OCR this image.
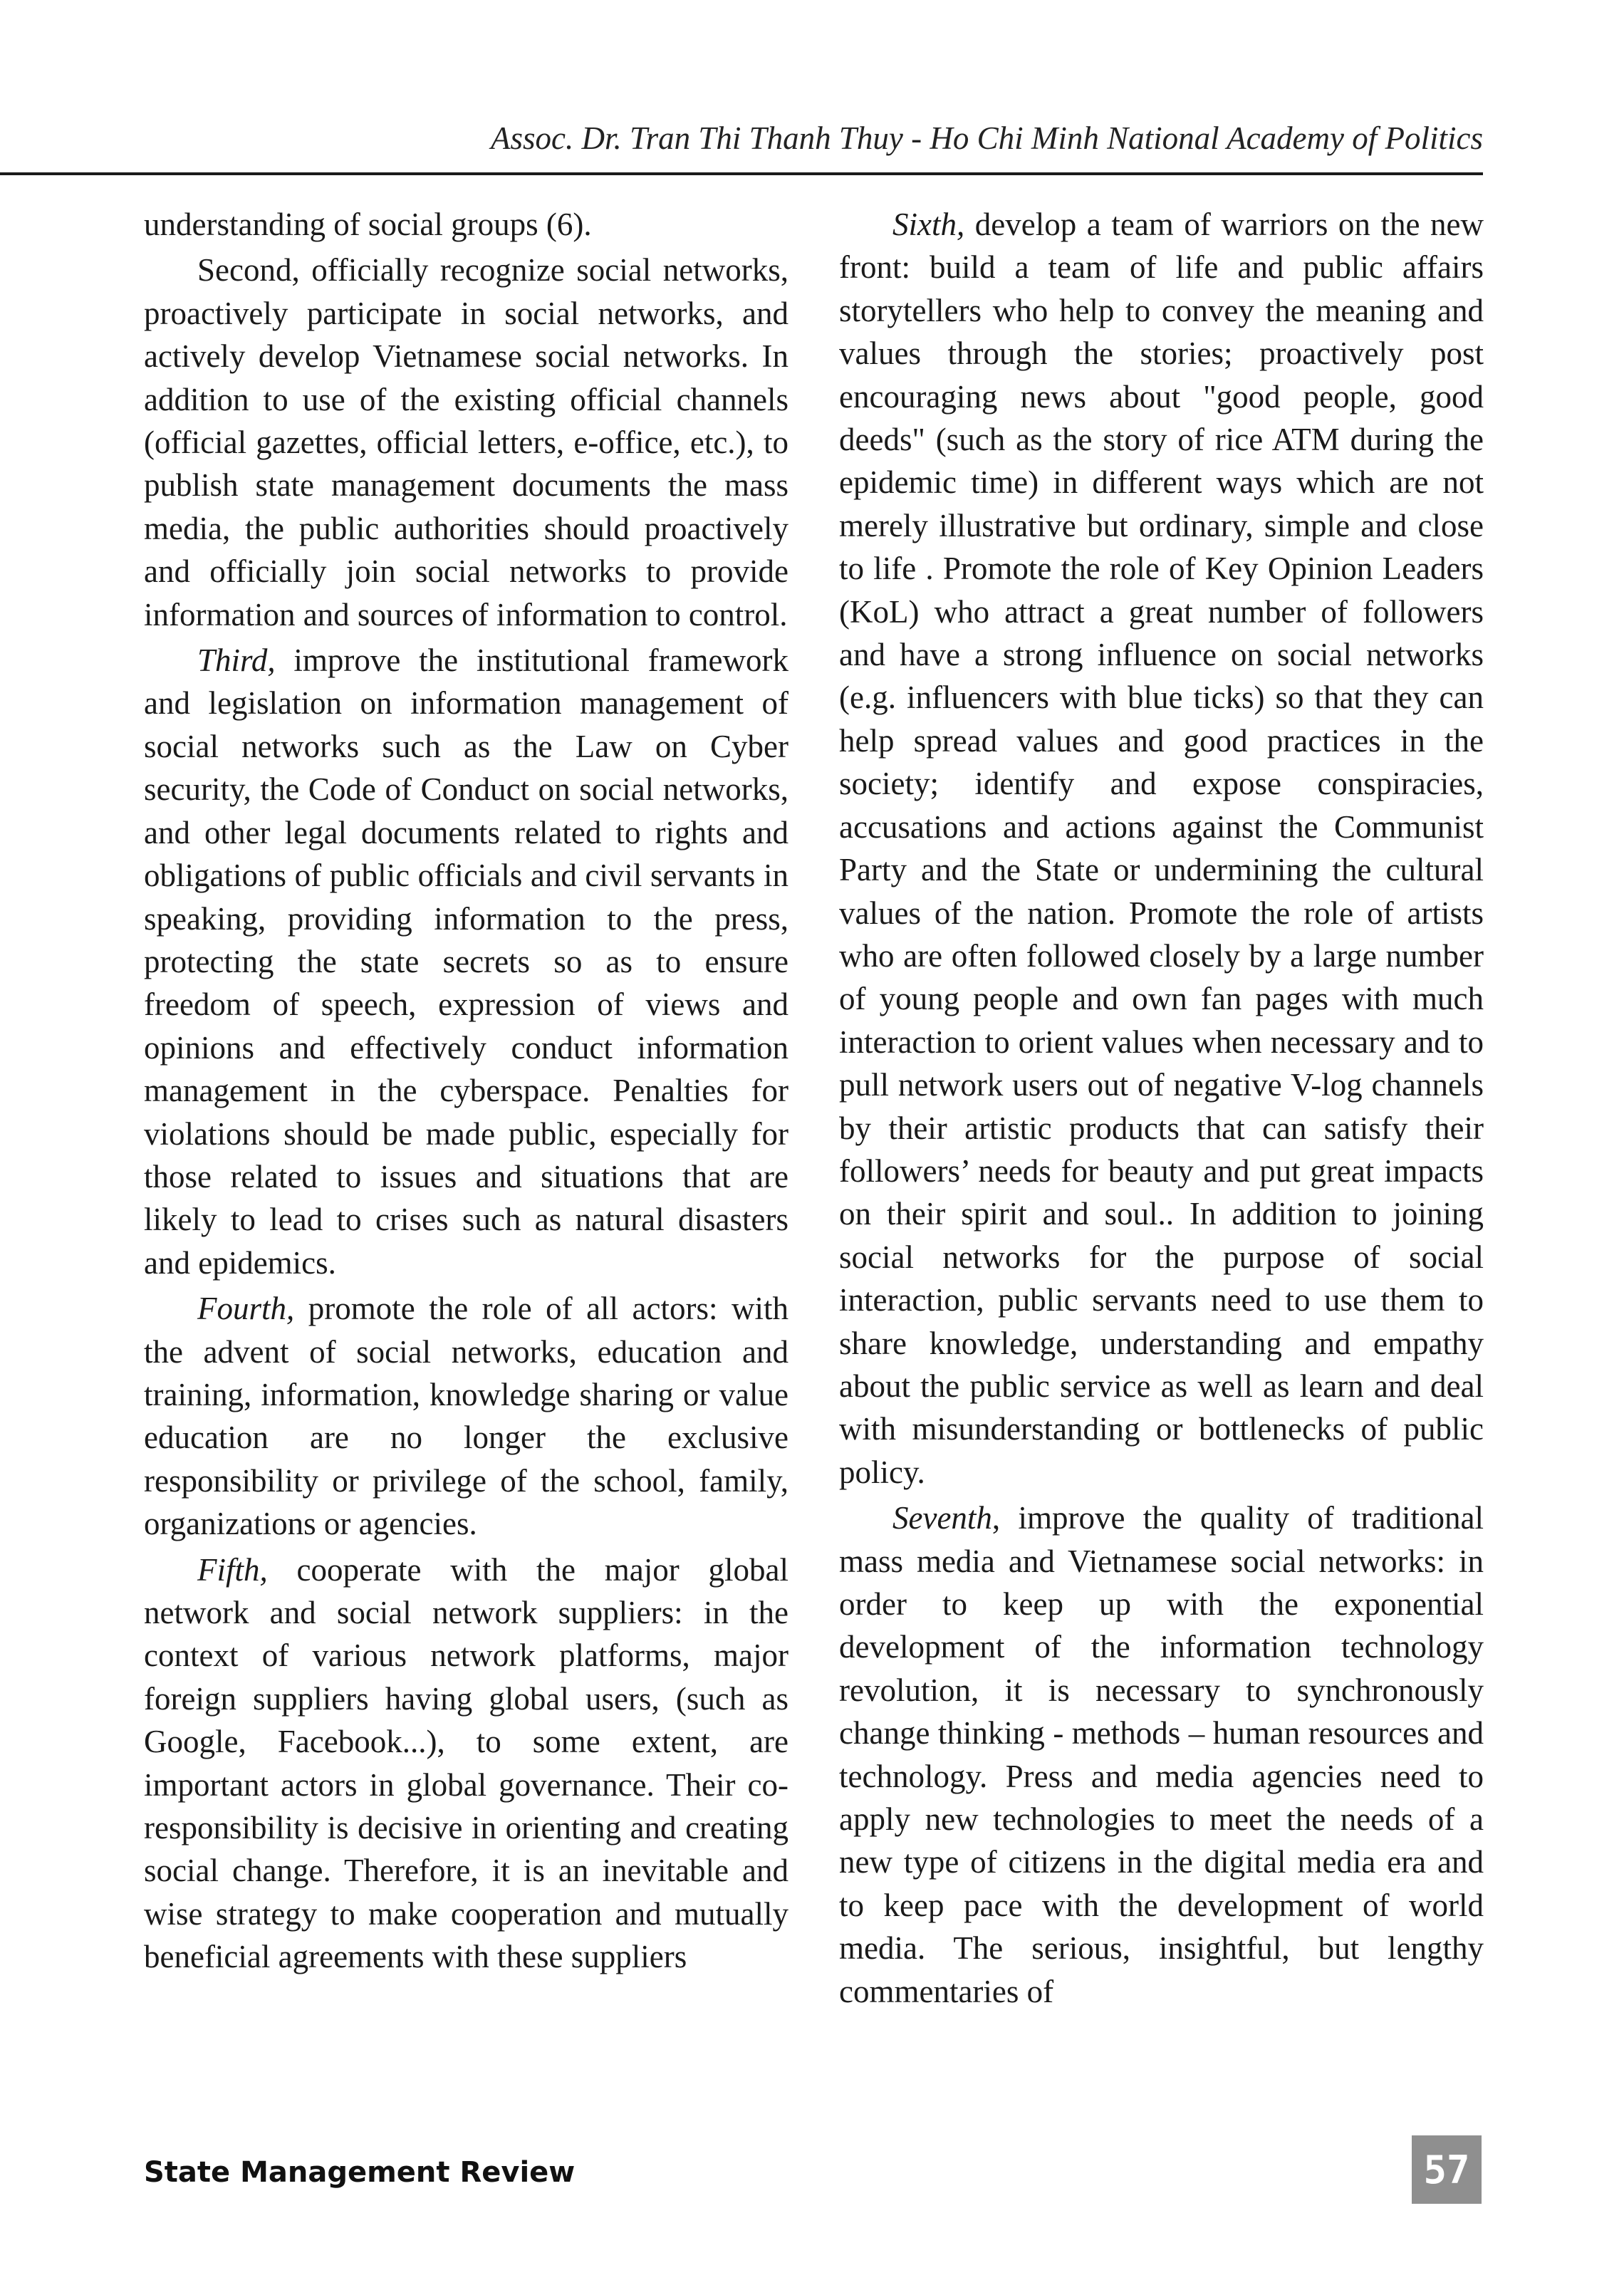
Assoc. Dr. Tran Thi Thanh Thuy - Ho Chi Minh National Academy of Politics

understanding of social groups (6).

Second, officially recognize social networks, proactively participate in social networks, and actively develop Vietnamese social networks. In addition to use of the existing official channels (official gazettes, official letters, e-office, etc.), to publish state management documents the mass media, the public authorities should proactively and officially join social networks to provide information and sources of information to control.

Third, improve the institutional framework and legislation on information management of social networks such as the Law on Cyber security, the Code of Conduct on social networks, and other legal documents related to rights and obligations of public officials and civil servants in speaking, providing information to the press, protecting the state secrets so as to ensure freedom of speech, expression of views and opinions and effectively conduct information management in the cyberspace. Penalties for violations should be made public, especially for those related to issues and situations that are likely to lead to crises such as natural disasters and epidemics.

Fourth, promote the role of all actors: with the advent of social networks, education and training, information, knowledge sharing or value education are no longer the exclusive responsibility or privilege of the school, family, organizations or agencies.

Fifth, cooperate with the major global network and social network suppliers: in the context of various network platforms, major foreign suppliers having global users, (such as Google, Facebook...), to some extent, are important actors in global governance. Their co-responsibility is decisive in orienting and creating social change. Therefore, it is an inevitable and wise strategy to make cooperation and mutually beneficial agreements with these suppliers

Sixth, develop a team of warriors on the new front: build a team of life and public affairs storytellers who help to convey the meaning and values through the stories; proactively post encouraging news about "good people, good deeds" (such as the story of rice ATM during the epidemic time) in different ways which are not merely illustrative but ordinary, simple and close to life . Promote the role of Key Opinion Leaders (KoL) who attract a great number of followers and have a strong influence on social networks (e.g. influencers with blue ticks) so that they can help spread values and good practices in the society; identify and expose conspiracies, accusations and actions against the Communist Party and the State or undermining the cultural values of the nation. Promote the role of artists who are often followed closely by a large number of young people and own fan pages with much interaction to orient values when necessary and to pull network users out of negative V-log channels by their artistic products that can satisfy their followers’ needs for beauty and put great impacts on their spirit and soul.. In addition to joining social networks for the purpose of social interaction, public servants need to use them to share knowledge, understanding and empathy about the public service as well as learn and deal with misunderstanding or bottlenecks of public policy.

Seventh, improve the quality of traditional mass media and Vietnamese social networks: in order to keep up with the exponential development of the information technology revolution, it is necessary to synchronously change thinking - methods – human resources and technology. Press and media agencies need to apply new technologies to meet the needs of a new type of citizens in the digital media era and to keep pace with the development of world media. The serious, insightful, but lengthy commentaries of

State Management Review	57
